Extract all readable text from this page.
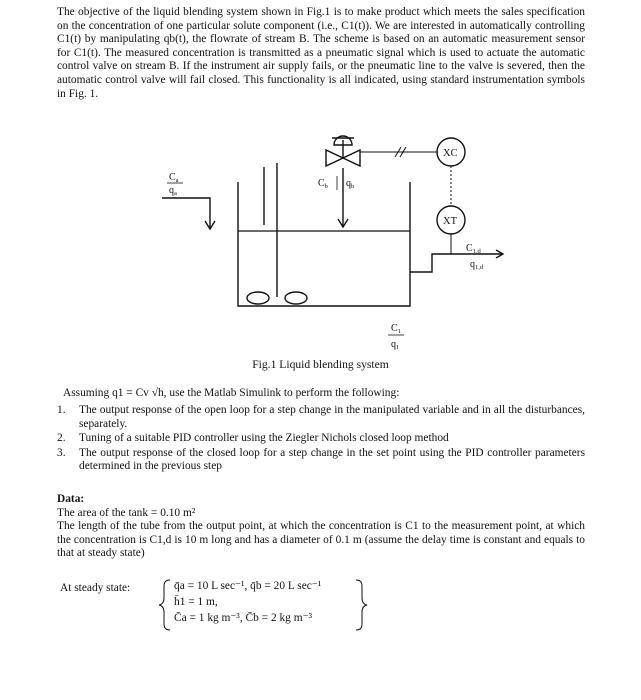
The objective of the liquid blending system shown in Fig.1 is to make product which meets the sales specification on the concentration of one particular solute component (i.e., C1(t)). We are interested in automatically controlling C1(t) by manipulating qb(t), the flowrate of stream B. The scheme is based on an automatic measurement sensor for C1(t). The measured concentration is transmitted as a pneumatic signal which is used to actuate the automatic control valve on stream B. If the instrument air supply fails, or the pneumatic line to the valve is severed, then the automatic control valve will fail closed. This functionality is all indicated, using standard instrumentation symbols in Fig. 1.
$C_a$
$q_a$
$C_b$ $q_b$
XC
XT
$C_{1,d}$
$q_{1,d}$
$C_1$
$q_1$
Fig.1 Liquid blending system
Assuming q1 = Cv √h, use the Matlab Simulink to perform the following:
1. The output response of the open loop for a step change in the manipulated variable and in all the disturbances, separately.
2. Tuning of a suitable PID controller using the Ziegler Nichols closed loop method
3. The output response of the closed loop for a step change in the set point using the PID controller parameters determined in the previous step
Data:
The area of the tank = 0.10 m²
The length of the tube from the output point, at which the concentration is C1 to the measurement point, at which the concentration is C1,d is 10 m long and has a diameter of 0.1 m (assume the delay time is constant and equals to that at steady state)
At steady state:	q̄a = 10 L sec⁻¹, q̄b = 20 L sec⁻¹
h̄1 = 1 m,
C̄a = 1 kg m⁻³, C̄b = 2 kg m⁻³
